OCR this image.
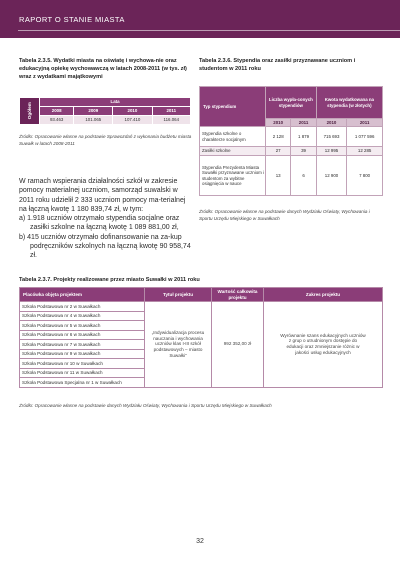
RAPORT O STANIE MIASTA
Tabela 2.3.5. Wydatki miasta na oświatę i wychowa-nie oraz edukacyjną opiekę wychowawczą w latach 2008-2011 (w tys. zł) wraz z wydatkami majątkowymi
Ogółem	Lata			
	2008	2009	2010	2011
	93.463	101.065	107.410	116.064
Źródło: Opracowanie własne na podstawie Sprawozdań z wykonania budżetu miasta Suwałk w latach 2008-2011
Tabela 2.3.6. Stypendia oraz zasiłki przyznawane uczniom i studentom w 2011 roku
Typ stypendium	Liczba wypła-conych stypendiów		Kwota wydatkowana na stypendia (w złotych)	
	2010	2011	2010	2011
Stypendia szkolne o charakterze socjalnym	2 128	1 879	715 693	1 077 596
Zasiłki szkolne	27	39	12 995	12 285
Stypendia Prezydenta Miasta Suwałki przyznawane uczniom i studentom za wybitne osiągnięcia w nauce	13	6	12 900	7 800
Źródło: Opracowanie własne na podstawie danych Wydziału Oświaty, Wychowania i Sportu Urzędu Miejskiego w Suwałkach

W ramach wspierania działalności szkół w zakresie pomocy materialnej uczniom, samorząd suwalski w 2011 roku udzielił 2 333 uczniom pomocy ma-terialnej na łączną kwotę 1 180 839,74 zł, w tym:

a) 1.918 uczniów otrzymało stypendia socjalne oraz zasiłki szkolne na łączną kwotę 1 089 881,00 zł,

b) 415 uczniów otrzymało dofinansowanie na za-kup podręczników szkolnych na łączną kwotę 90 958,74 zł.

Tabela 2.3.7. Projekty realizowane przez miasto Suwałki w 2011 roku
Placówka objęta projektem	Tytuł projektu	Wartość całkowita projektu	Zakres projektu
Szkoła Podstawowa nr 2 w Suwałkach	„Indywidualizacja procesu nauczania i wychowania uczniów klas I-III szkół podstawowych – miasto Suwałki”	992 352,00 zł	Wyrównanie szans edukacyjnych uczniów z grup o utrudnionym dostępie do edukacji oraz zmniejszanie różnic w jakości usług edukacyjnych
Szkoła Podstawowa nr 4 w Suwałkach			
Szkoła Podstawowa nr 5 w Suwałkach			
Szkoła Podstawowa nr 6 w Suwałkach			
Szkoła Podstawowa nr 7 w Suwałkach			
Szkoła Podstawowa nr 9 w Suwałkach			
Szkoła Podstawowa nr 10 w Suwałkach			
Szkoła Podstawowa nr 11 w Suwałkach			
Szkoła Podstawowa Specjalna nr 1 w Suwałkach			
Źródło: Opracowanie własne na podstawie danych Wydziału Oświaty, Wychowania i Sportu Urzędu Miejskiego w Suwałkach
32
